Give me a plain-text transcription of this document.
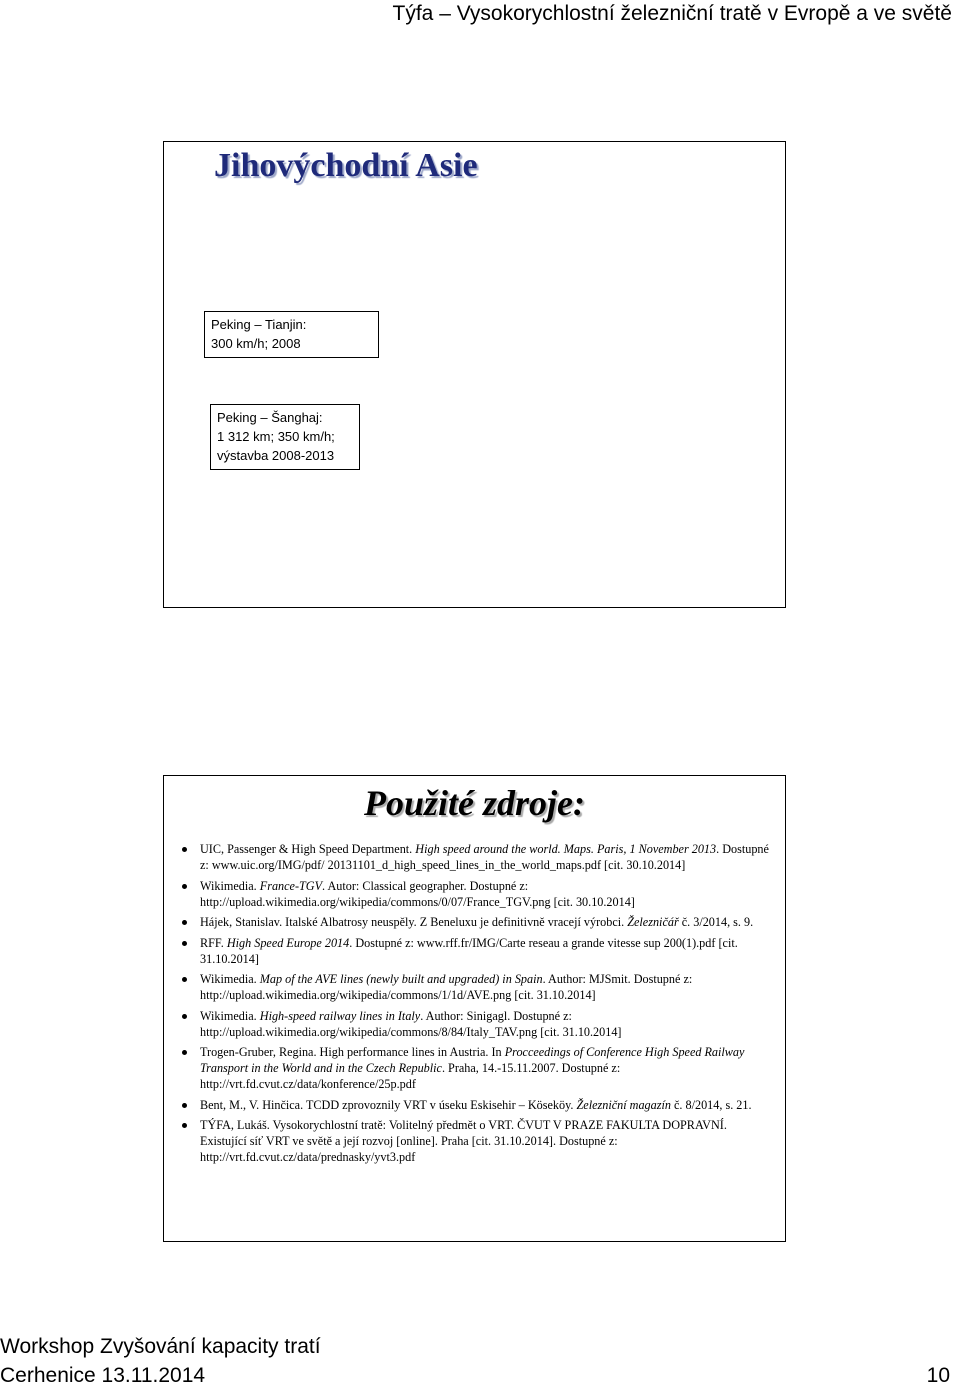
Týfa – Vysokorychlostní železniční tratě v Evropě a ve světě
Jihovýchodní Asie
Peking – Tianjin:
300 km/h; 2008
Peking – Šanghaj:
1 312 km; 350 km/h;
výstavba 2008-2013
Použité zdroje:
UIC, Passenger & High Speed Department. High speed around the world. Maps. Paris, 1 November 2013. Dostupné z: www.uic.org/IMG/pdf/ 20131101_d_high_speed_lines_in_the_world_maps.pdf [cit. 30.10.2014]
Wikimedia. France-TGV. Autor: Classical geographer. Dostupné z: http://upload.wikimedia.org/wikipedia/commons/0/07/France_TGV.png [cit. 30.10.2014]
Hájek, Stanislav. Italské Albatrosy neuspěly. Z Beneluxu je definitivně vracejí výrobci. Železničář č. 3/2014, s. 9.
RFF. High Speed Europe 2014. Dostupné z: www.rff.fr/IMG/Carte reseau a grande vitesse sup 200(1).pdf [cit. 31.10.2014]
Wikimedia. Map of the AVE lines (newly built and upgraded) in Spain. Author: MJSmit. Dostupné z: http://upload.wikimedia.org/wikipedia/commons/1/1d/AVE.png [cit. 31.10.2014]
Wikimedia. High-speed railway lines in Italy. Author: Sinigagl. Dostupné z: http://upload.wikimedia.org/wikipedia/commons/8/84/Italy_TAV.png [cit. 31.10.2014]
Trogen-Gruber, Regina. High performance lines in Austria. In Procceedings of Conference High Speed Railway Transport in the World and in the Czech Republic. Praha, 14.-15.11.2007. Dostupné z: http://vrt.fd.cvut.cz/data/konference/25p.pdf
Bent, M., V. Hinčica. TCDD zprovoznily VRT v úseku Eskisehir – Köseköy. Železniční magazín č. 8/2014, s. 21.
TÝFA, Lukáš. Vysokorychlostní tratě: Volitelný předmět o VRT. ČVUT V PRAZE FAKULTA DOPRAVNÍ. Existující síť VRT ve světě a její rozvoj [online]. Praha [cit. 31.10.2014]. Dostupné z: http://vrt.fd.cvut.cz/data/prednasky/yvt3.pdf
Workshop Zvyšování kapacity tratí
Cerhenice 13.11.2014	10
